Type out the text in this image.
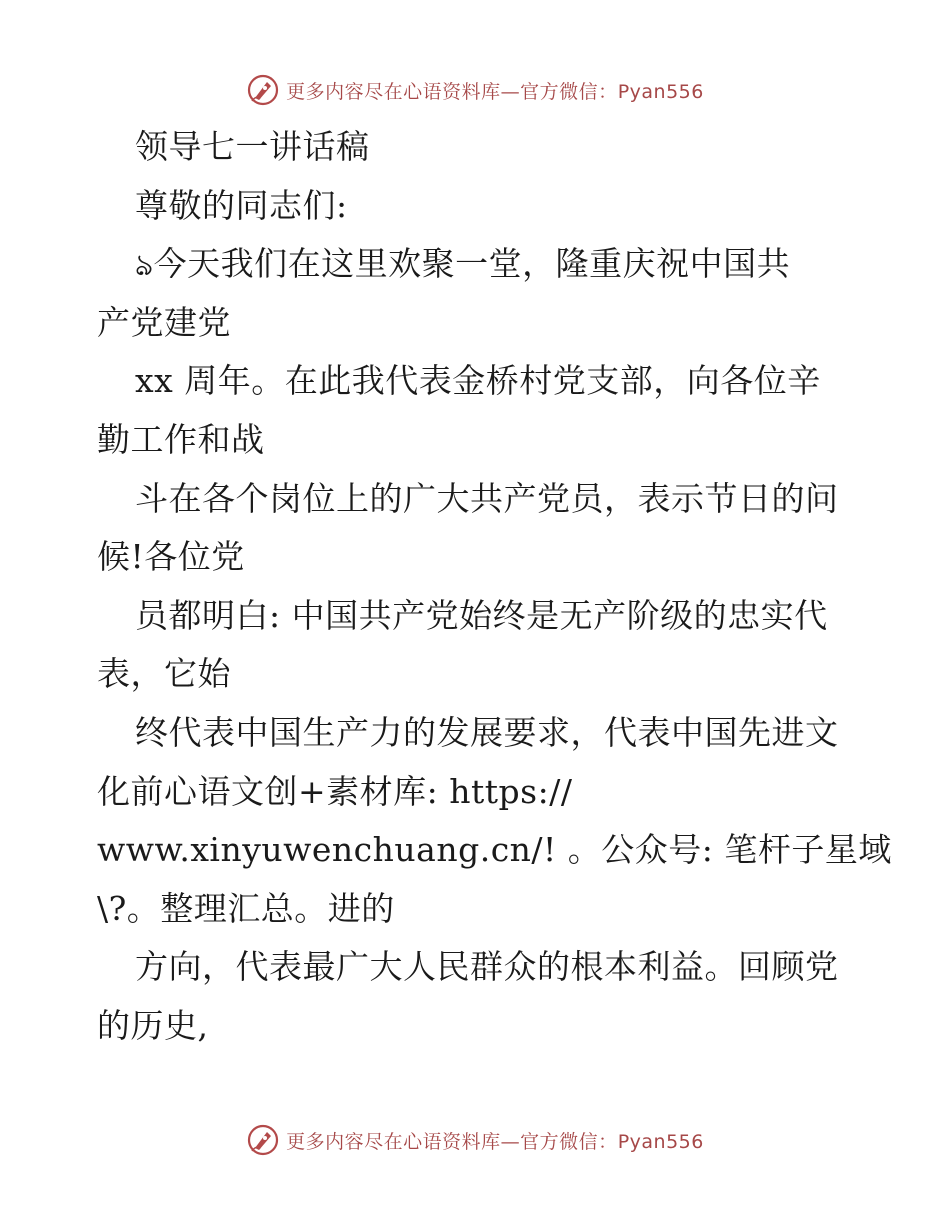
更多内容尽在心语资料库—官方微信：Pyan556
领导七一讲话稿
尊敬的同志们:
ঌ今天我们在这里欢聚一堂，隆重庆祝中国共
产党建党
xx 周年。在此我代表金桥村党支部，向各位辛
勤工作和战
斗在各个岗位上的广大共产党员，表示节日的问
候!各位党
员都明白: 中国共产党始终是无产阶级的忠实代
表，它始
终代表中国生产力的发展要求，代表中国先进文
化前心语文创+素材库: https://
www.xinyuwenchuang.cn/! 。公众号: 笔杆子星域
\?。整理汇总。进的
方向，代表最广大人民群众的根本利益。回顾党
的历史,
更多内容尽在心语资料库—官方微信：Pyan556
